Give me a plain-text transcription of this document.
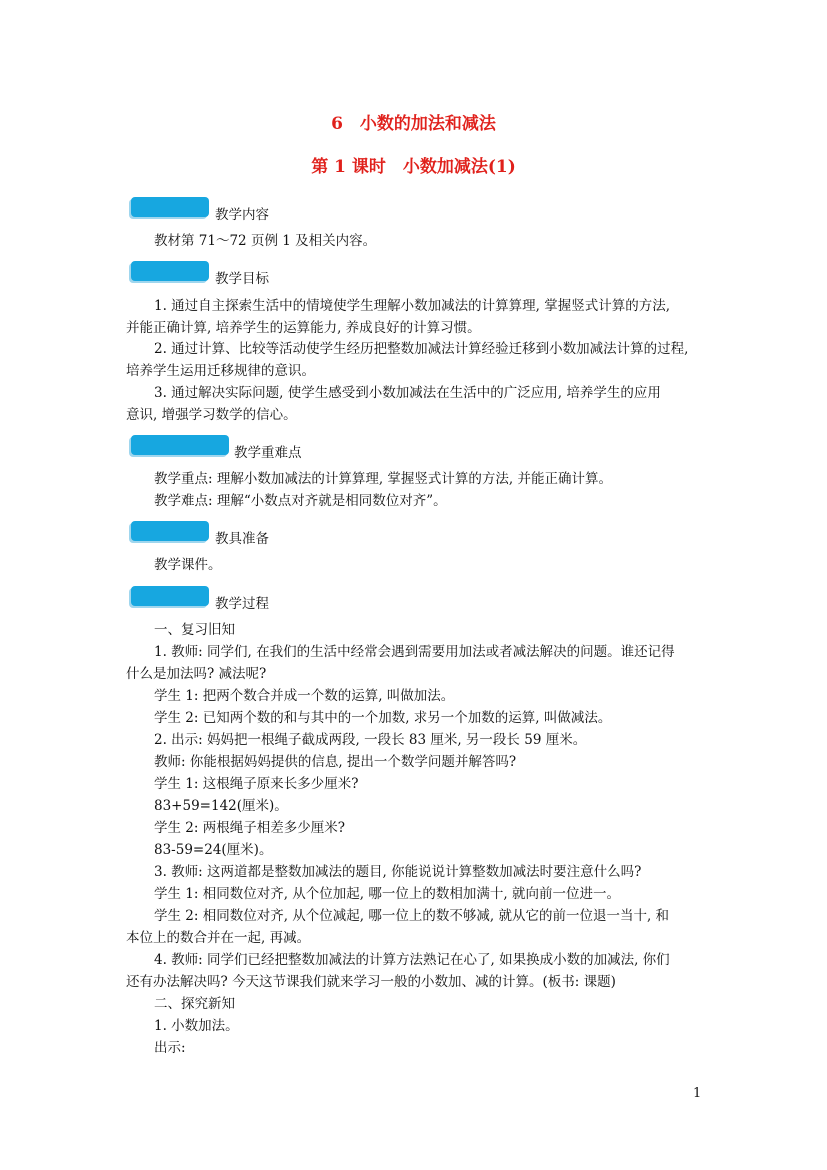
6　小数的加法和减法
第 1 课时　小数加减法(1)
教学内容
教材第 71～72 页例 1 及相关内容。
教学目标
1. 通过自主探索生活中的情境使学生理解小数加减法的计算算理, 掌握竖式计算的方法,
并能正确计算, 培养学生的运算能力, 养成良好的计算习惯。
2. 通过计算、比较等活动使学生经历把整数加减法计算经验迁移到小数加减法计算的过程,
培养学生运用迁移规律的意识。
3. 通过解决实际问题, 使学生感受到小数加减法在生活中的广泛应用, 培养学生的应用
意识, 增强学习数学的信心。
教学重难点
教学重点: 理解小数加减法的计算算理, 掌握竖式计算的方法, 并能正确计算。
教学难点: 理解“小数点对齐就是相同数位对齐”。
教具准备
教学课件。
教学过程
一、复习旧知
1. 教师: 同学们, 在我们的生活中经常会遇到需要用加法或者减法解决的问题。谁还记得
什么是加法吗? 减法呢?
学生 1: 把两个数合并成一个数的运算, 叫做加法。
学生 2: 已知两个数的和与其中的一个加数, 求另一个加数的运算, 叫做减法。
2. 出示: 妈妈把一根绳子截成两段, 一段长 83 厘米, 另一段长 59 厘米。
教师: 你能根据妈妈提供的信息, 提出一个数学问题并解答吗?
学生 1: 这根绳子原来长多少厘米?
83+59=142(厘米)。
学生 2: 两根绳子相差多少厘米?
83-59=24(厘米)。
3. 教师: 这两道都是整数加减法的题目, 你能说说计算整数加减法时要注意什么吗?
学生 1: 相同数位对齐, 从个位加起, 哪一位上的数相加满十, 就向前一位进一。
学生 2: 相同数位对齐, 从个位减起, 哪一位上的数不够减, 就从它的前一位退一当十, 和
本位上的数合并在一起, 再减。
4. 教师: 同学们已经把整数加减法的计算方法熟记在心了, 如果换成小数的加减法, 你们
还有办法解决吗? 今天这节课我们就来学习一般的小数加、减的计算。(板书: 课题)
二、探究新知
1. 小数加法。
出示:
1
